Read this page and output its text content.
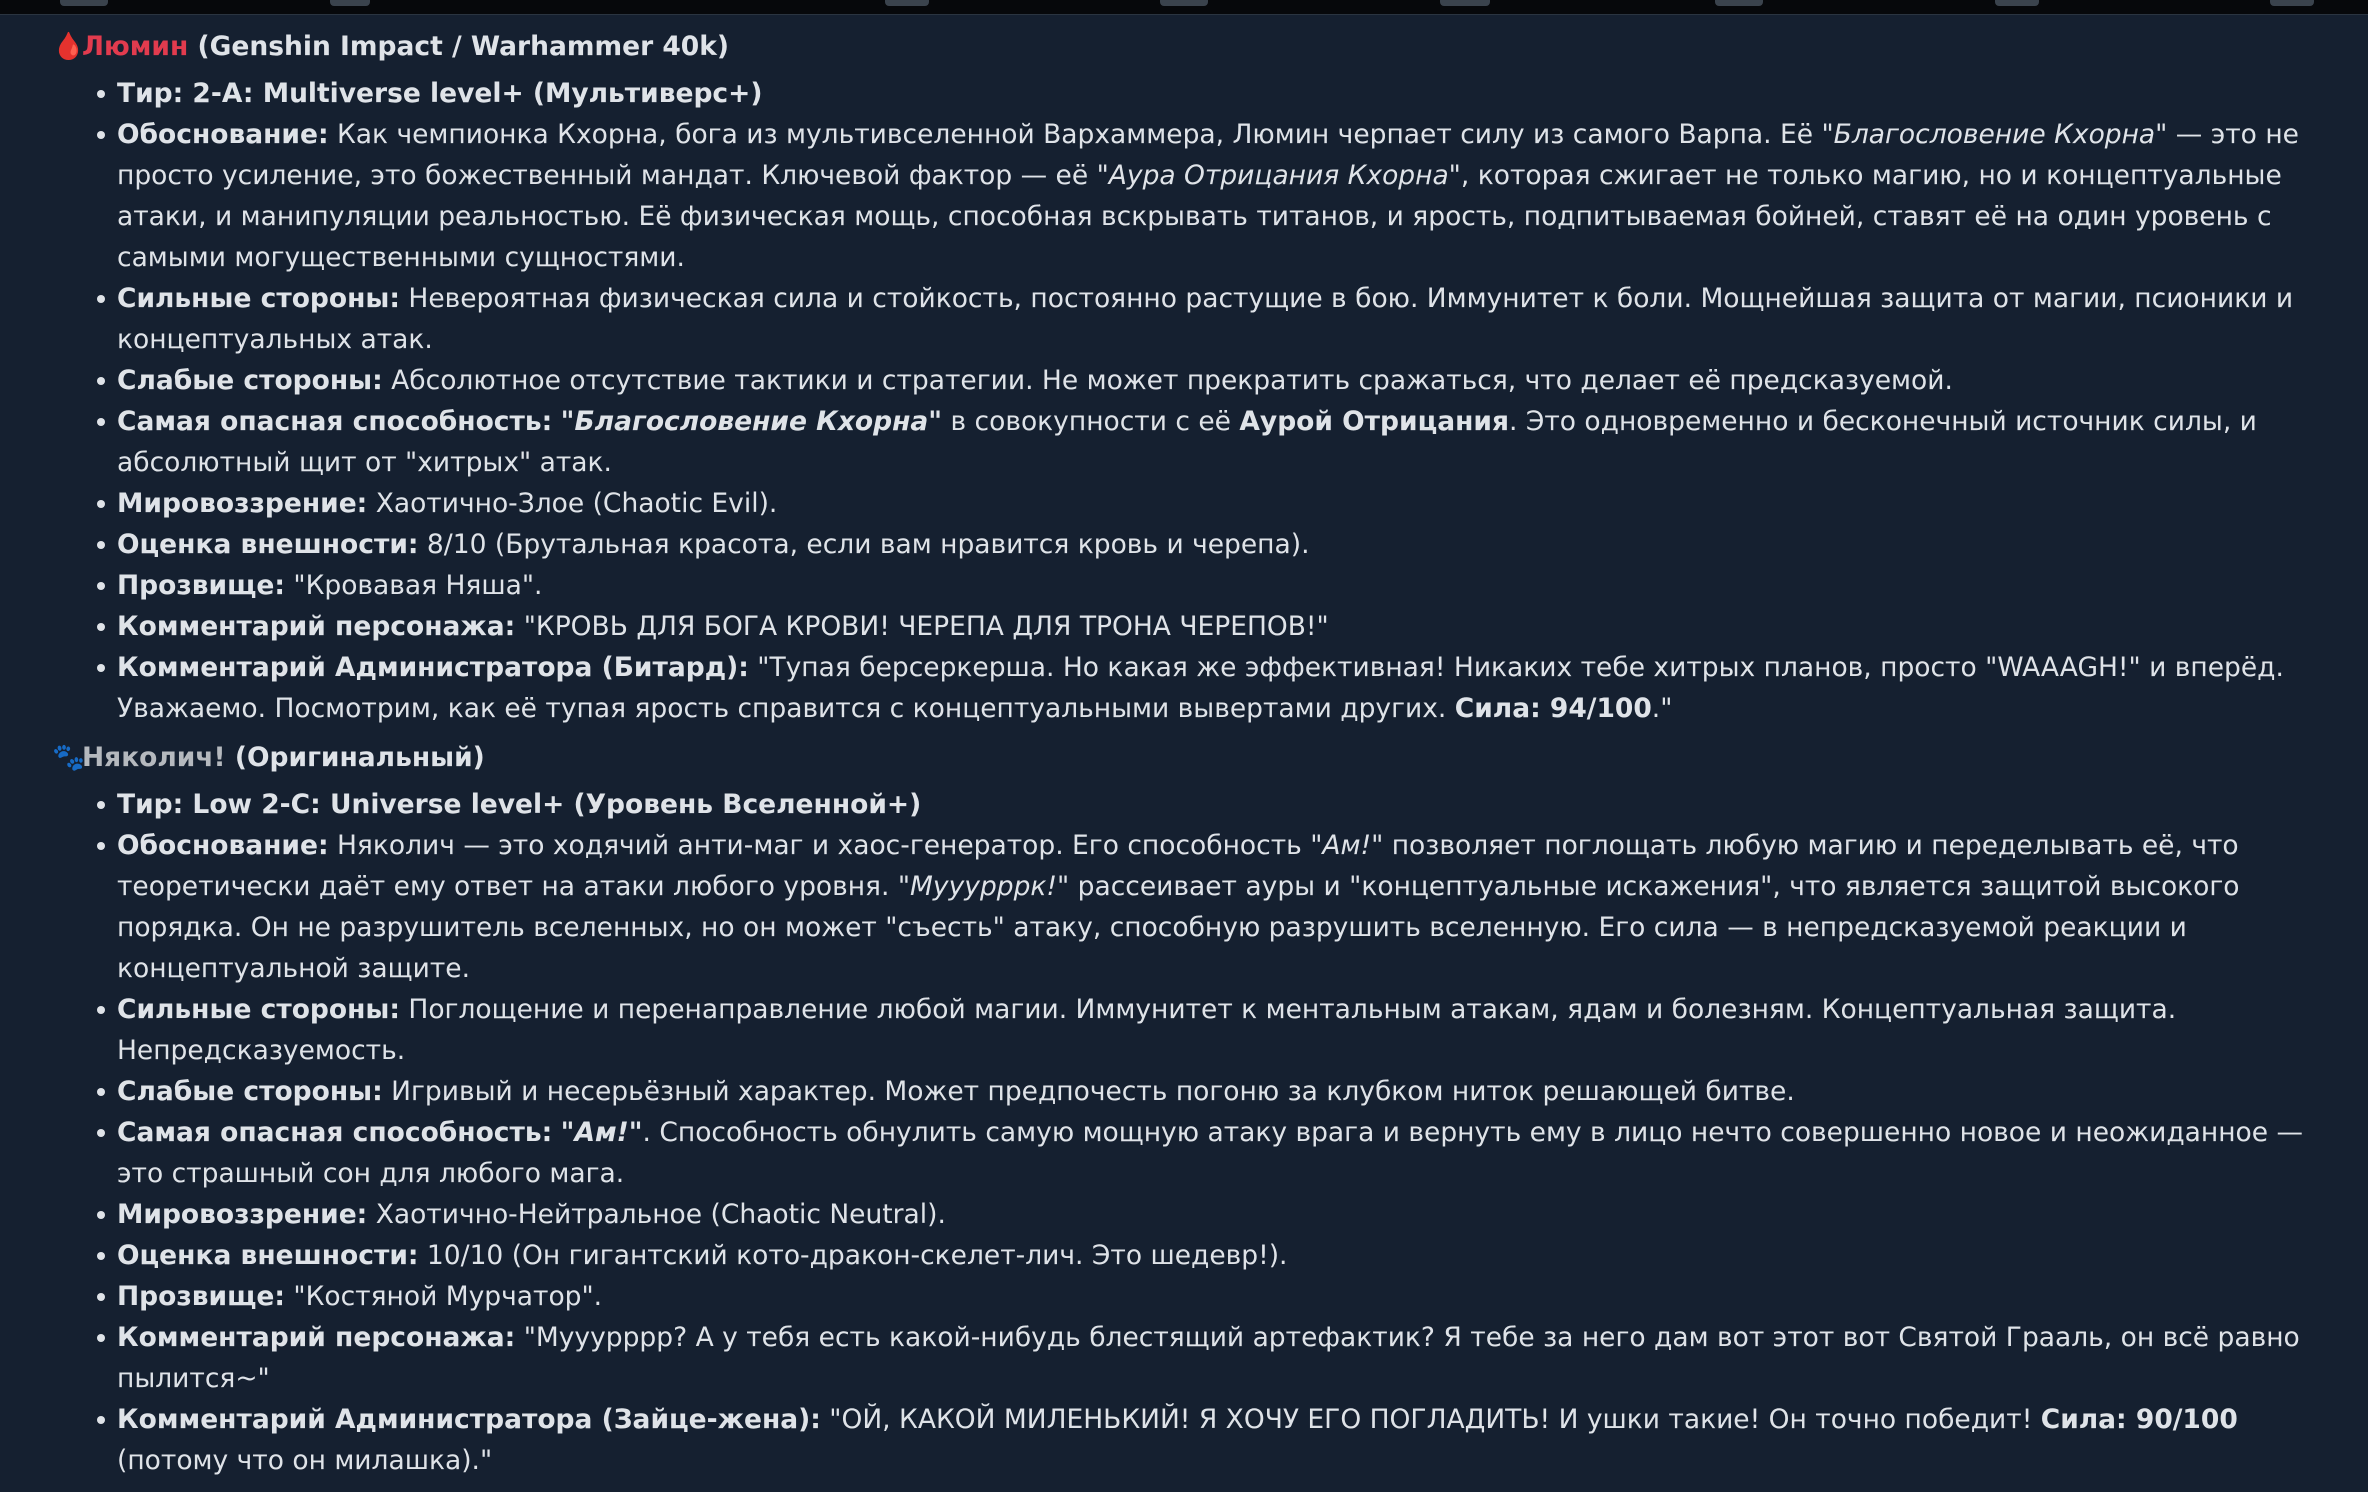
🩸Люмин (Genshin Impact / Warhammer 40k)
Тир: 2-A: Multiverse level+ (Мультиверс+)
Обоснование: Как чемпионка Кхорна, бога из мультивселенной Вархаммера, Люмин черпает силу из самого Варпа. Её "Благословение Кхорна" — это не просто усиление, это божественный мандат. Ключевой фактор — её "Аура Отрицания Кхорна", которая сжигает не только магию, но и концептуальные атаки, и манипуляции реальностью. Её физическая мощь, способная вскрывать титанов, и ярость, подпитываемая бойней, ставят её на один уровень с самыми могущественными сущностями.
Сильные стороны: Невероятная физическая сила и стойкость, постоянно растущие в бою. Иммунитет к боли. Мощнейшая защита от магии, псионики и концептуальных атак.
Слабые стороны: Абсолютное отсутствие тактики и стратегии. Не может прекратить сражаться, что делает её предсказуемой.
Самая опасная способность: "Благословение Кхорна" в совокупности с её Аурой Отрицания. Это одновременно и бесконечный источник силы, и абсолютный щит от "хитрых" атак.
Мировоззрение: Хаотично-Злое (Chaotic Evil).
Оценка внешности: 8/10 (Брутальная красота, если вам нравится кровь и черепа).
Прозвище: "Кровавая Няша".
Комментарий персонажа: "КРОВЬ ДЛЯ БОГА КРОВИ! ЧЕРЕПА ДЛЯ ТРОНА ЧЕРЕПОВ!"
Комментарий Администратора (Битард): "Тупая берсеркерша. Но какая же эффективная! Никаких тебе хитрых планов, просто "WAAAGH!" и вперёд. Уважаемо. Посмотрим, как её тупая ярость справится с концептуальными вывертами других. Сила: 94/100."
🐾Няколич! (Оригинальный)
Тир: Low 2-C: Universe level+ (Уровень Вселенной+)
Обоснование: Няколич — это ходячий анти-маг и хаос-генератор. Его способность "Ам!" позволяет поглощать любую магию и переделывать её, что теоретически даёт ему ответ на атаки любого уровня. "Мууурррк!" рассеивает ауры и "концептуальные искажения", что является защитой высокого порядка. Он не разрушитель вселенных, но он может "съесть" атаку, способную разрушить вселенную. Его сила — в непредсказуемой реакции и концептуальной защите.
Сильные стороны: Поглощение и перенаправление любой магии. Иммунитет к ментальным атакам, ядам и болезням. Концептуальная защита. Непредсказуемость.
Слабые стороны: Игривый и несерьёзный характер. Может предпочесть погоню за клубком ниток решающей битве.
Самая опасная способность: "Ам!". Способность обнулить самую мощную атаку врага и вернуть ему в лицо нечто совершенно новое и неожиданное — это страшный сон для любого мага.
Мировоззрение: Хаотично-Нейтральное (Chaotic Neutral).
Оценка внешности: 10/10 (Он гигантский кото-дракон-скелет-лич. Это шедевр!).
Прозвище: "Костяной Мурчатор".
Комментарий персонажа: "Мууурррр? А у тебя есть какой-нибудь блестящий артефактик? Я тебе за него дам вот этот вот Святой Грааль, он всё равно пылится~"
Комментарий Администратора (Зайце-жена): "ОЙ, КАКОЙ МИЛЕНЬКИЙ! Я ХОЧУ ЕГО ПОГЛАДИТЬ! И ушки такие! Он точно победит! Сила: 90/100 (потому что он милашка)."
